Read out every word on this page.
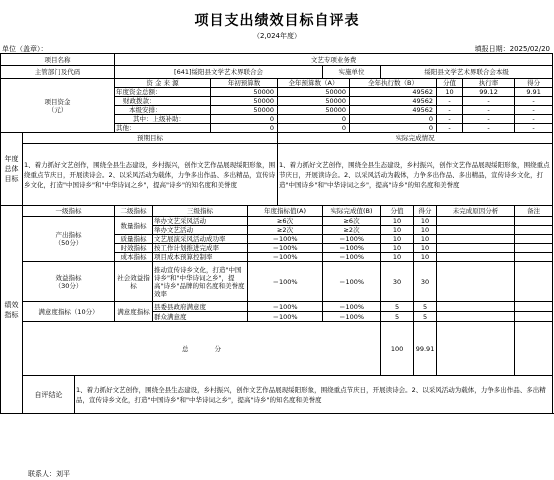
项目支出绩效目标自评表
（2,024年度）
单位（盖章）：	填报日期：2025/02/20
项目名称			文艺专项业务费											
主管部门及代码			[641]绥阳县文学艺术界联合会					实施单位		绥阳县文学艺术界联合会本级				
项目资金
（元）			资 金 来 源		年初预算数		全年预算数（A）		全年执行数（B）			分值	执行率	得分
			年度资金总额：		50000		50000		49562			10	99.12	9.91
			财政拨款：		50000		50000		49562			-	-	-
			本级安排：		50000		50000		49562			-	-	-
			其中：上级补助：		0		0		0			-	-	-
			其他：		0		0		0			-	-	-
年度总体目标	预期目标						实际完成情况							
	1、着力抓好文艺创作，围绕全县生态建设，乡村振兴，创作文艺作品展现绥阳形象，围绕重点节庆日，开展读诗会。2、以采风活动为载体，力争多出作品、多出精品，宣传诗乡文化，打造"中国诗乡"和"中华诗词之乡"，提高"诗乡"的知名度和美誉度						1、着力抓好文艺创作，围绕全县生态建设，乡村振兴，创作文艺作品展现绥阳形象，围绕重点节庆日，开展读诗会。2、以采风活动为载体，力争多出作品、多出精品，宣传诗乡文化，打造"中国诗乡"和"中华诗词之乡"，提高"诗乡"的知名度和美誉度							
绩效指标	一级指标		二级指标	三级指标		年度指标值(A)		实际完成值(B)		分值	得分	未完成原因分析		备注
	产出指标
（50分）		数量指标	举办文艺采风活动		≥6次		≥6次		10	10			
				举办文艺活动		≥2次		≥2次		10	10			
			质量指标	文艺展演采风活动成功率		＝100%		＝100%		10	10			
			时效指标	按工作计划推进完成率		＝100%		＝100%		10	10			
			成本指标	项目成本预算控制率		＝100%		＝100%		10	10			
	效益指标
（30分）		社会效益指标	推动宣传诗乡文化，打造"中国诗乡"和"中华诗词之乡"，提高"诗乡"品牌的知名度和美誉度效率		＝100%		＝100%		30	30			
	满意度指标（10分）		满意度指标	县委县政府满意度		＝100%		＝100%		5	5			
				群众满意度		＝100%		＝100%		5	5			
	总　　　　分									100	99.91			
	自评结论	1、着力抓好文艺创作，围绕全县生态建设，乡村振兴，创作文艺作品展现绥阳形象，围绕重点节庆日，开展读诗会。2、以采风活动为载体，力争多出作品、多出精品，宣传诗乡文化，打造"中国诗乡"和"中华诗词之乡"，提高"诗乡"的知名度和美誉度												
联系人：刘平
